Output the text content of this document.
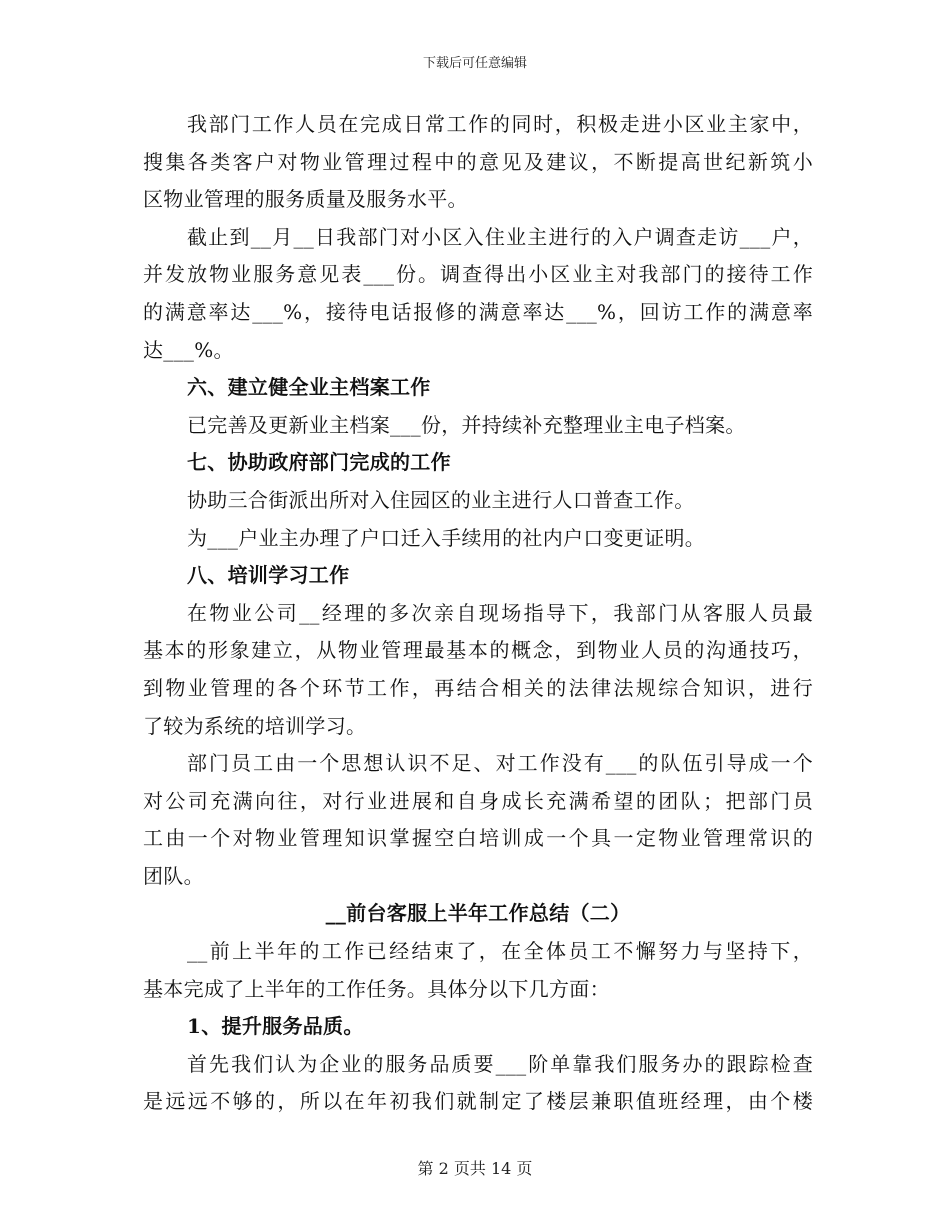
下载后可任意编辑
我部门工作人员在完成日常工作的同时，积极走进小区业主家中，
搜集各类客户对物业管理过程中的意见及建议，不断提高世纪新筑小
区物业管理的服务质量及服务水平。
截止到__月__日我部门对小区入住业主进行的入户调查走访___户，
并发放物业服务意见表___份。调查得出小区业主对我部门的接待工作
的满意率达___%，接待电话报修的满意率达___%，回访工作的满意率
达___%。
六、建立健全业主档案工作
已完善及更新业主档案___份，并持续补充整理业主电子档案。
七、协助政府部门完成的工作
协助三合街派出所对入住园区的业主进行人口普查工作。
为___户业主办理了户口迁入手续用的社内户口变更证明。
八、培训学习工作
在物业公司__经理的多次亲自现场指导下，我部门从客服人员最
基本的形象建立，从物业管理最基本的概念，到物业人员的沟通技巧，
到物业管理的各个环节工作，再结合相关的法律法规综合知识，进行
了较为系统的培训学习。
部门员工由一个思想认识不足、对工作没有___的队伍引导成一个
对公司充满向往，对行业进展和自身成长充满希望的团队；把部门员
工由一个对物业管理知识掌握空白培训成一个具一定物业管理常识的
团队。
__前台客服上半年工作总结（二）
__前上半年的工作已经结束了，在全体员工不懈努力与坚持下，
基本完成了上半年的工作任务。具体分以下几方面：
1、提升服务品质。
首先我们认为企业的服务品质要___阶单靠我们服务办的跟踪检查
是远远不够的，所以在年初我们就制定了楼层兼职值班经理，由个楼
第 2 页共 14 页
